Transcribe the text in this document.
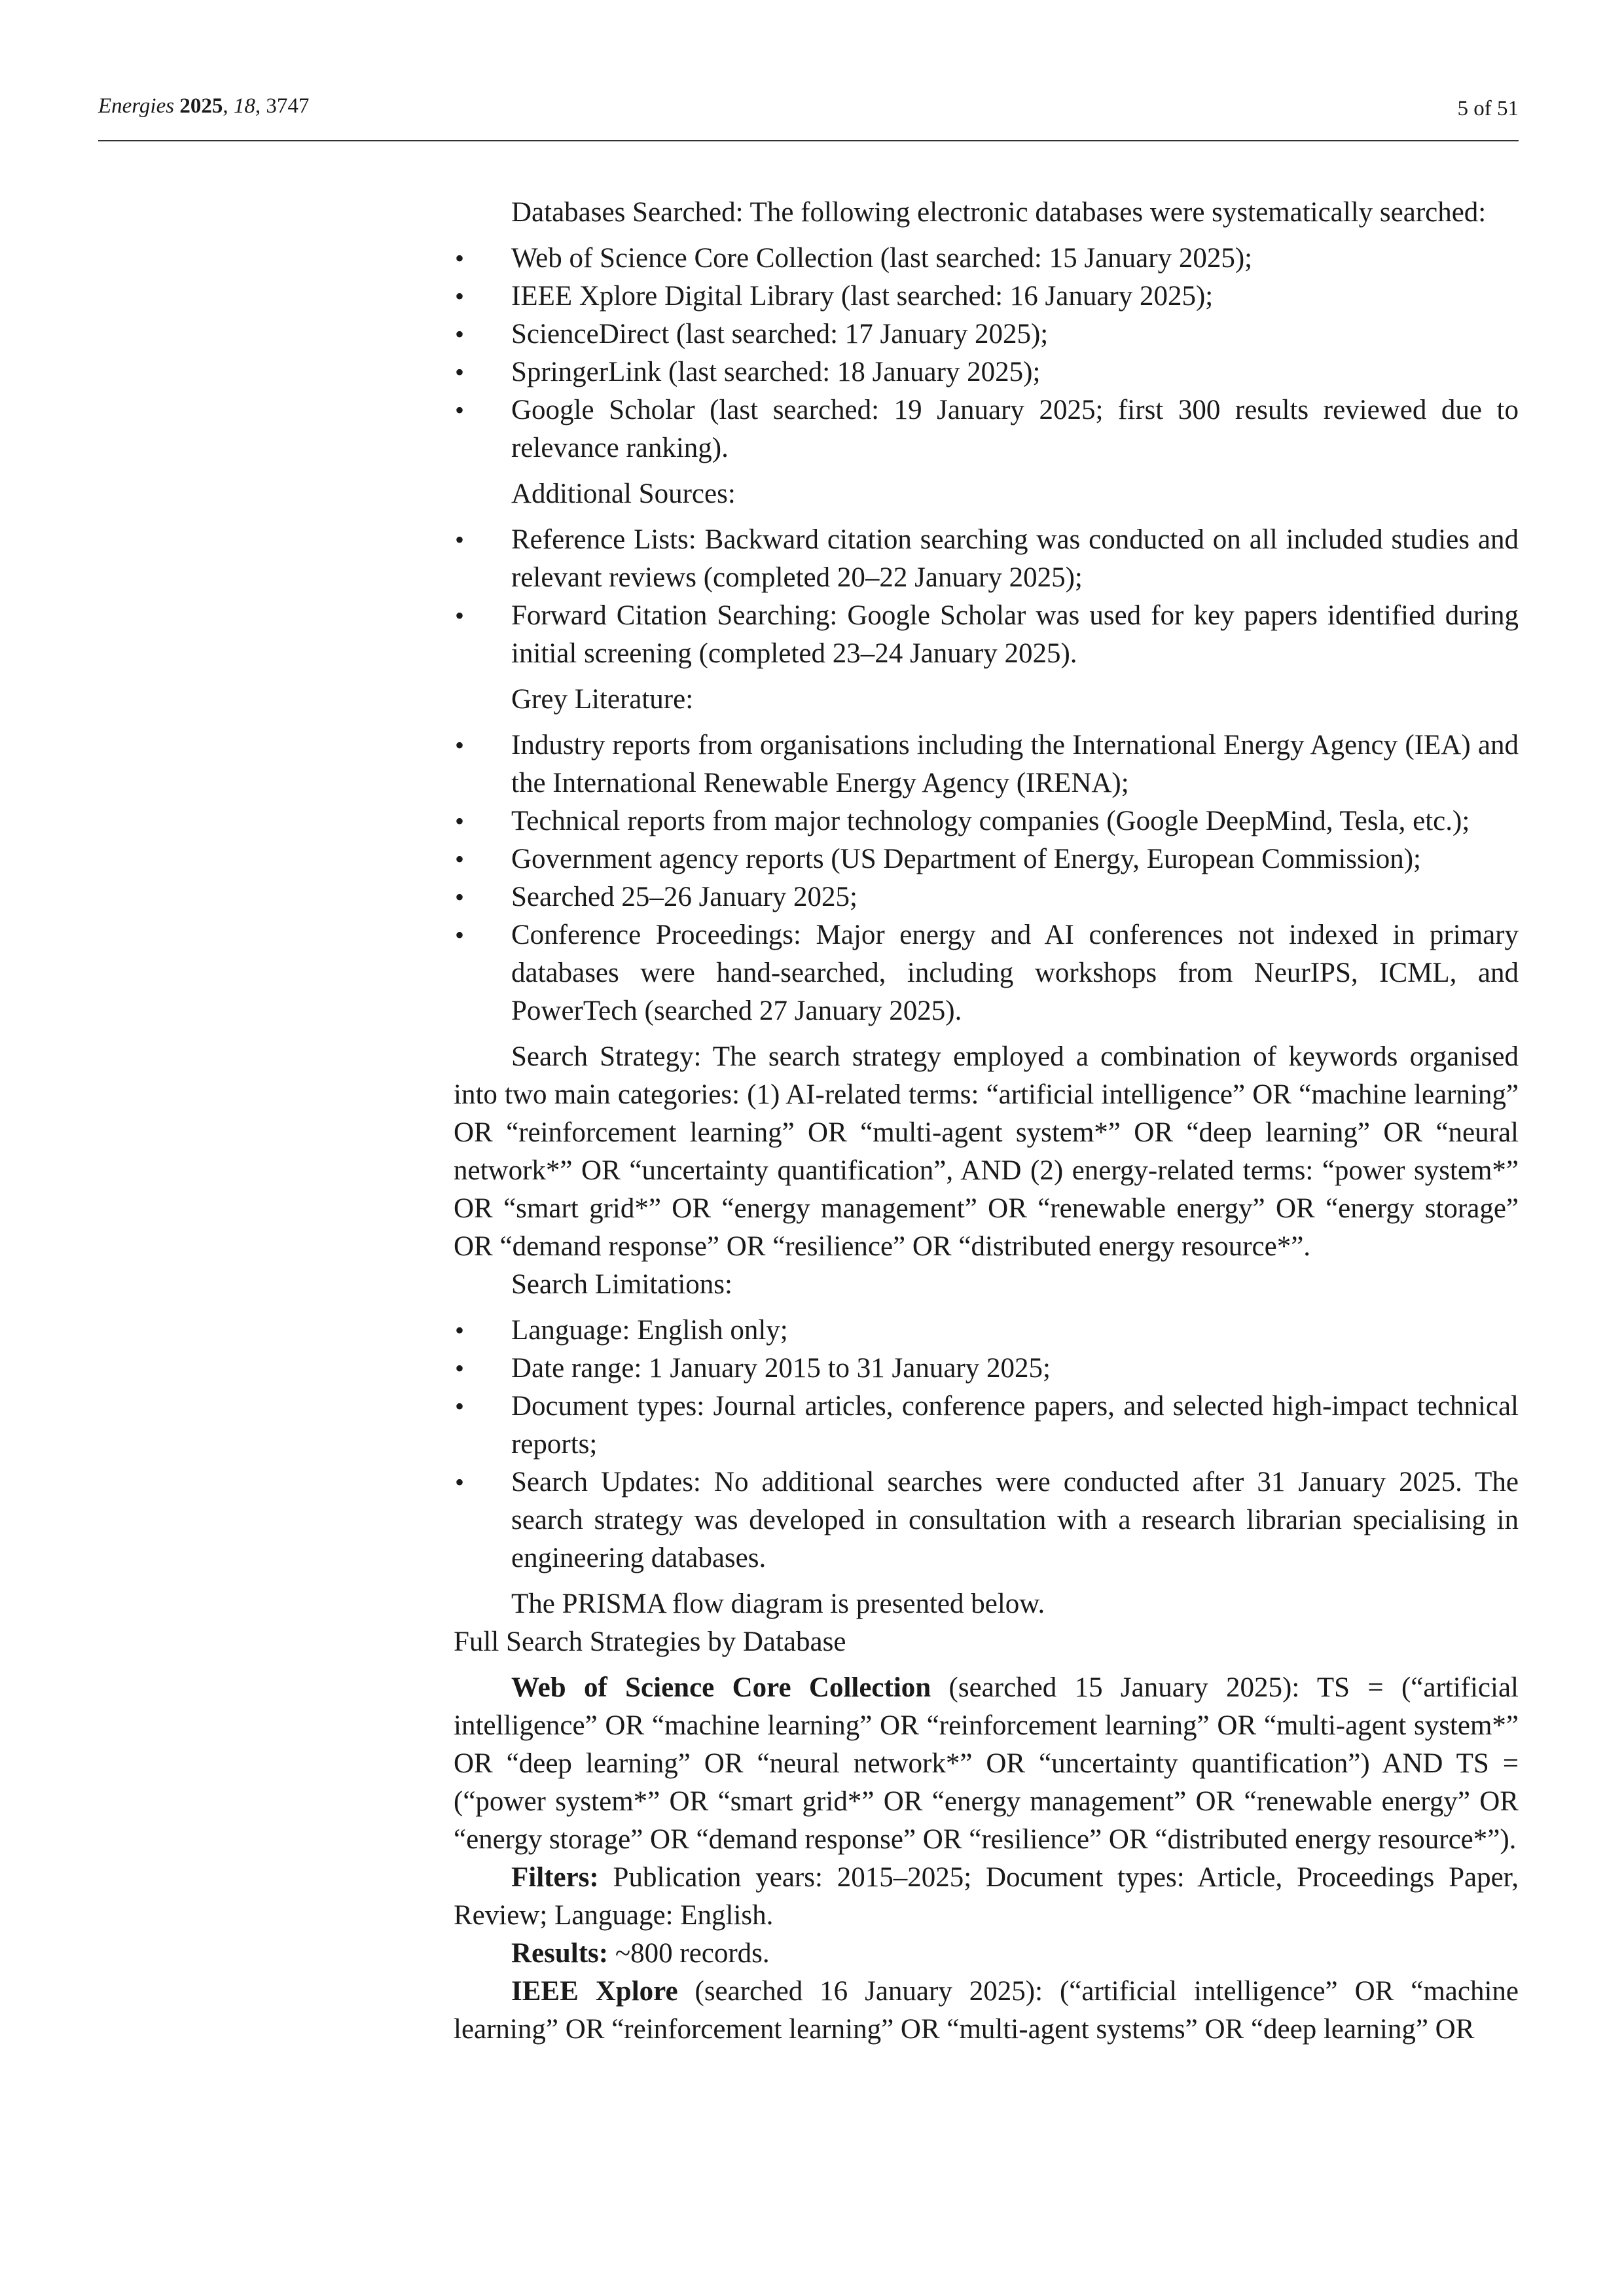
Energies 2025, 18, 3747	5 of 51

Databases Searched: The following electronic databases were systematically searched:

• Web of Science Core Collection (last searched: 15 January 2025);
• IEEE Xplore Digital Library (last searched: 16 January 2025);
• ScienceDirect (last searched: 17 January 2025);
• SpringerLink (last searched: 18 January 2025);
• Google Scholar (last searched: 19 January 2025; first 300 results reviewed due to relevance ranking).

Additional Sources:

• Reference Lists: Backward citation searching was conducted on all included studies and relevant reviews (completed 20–22 January 2025);
• Forward Citation Searching: Google Scholar was used for key papers identified during initial screening (completed 23–24 January 2025).

Grey Literature:

• Industry reports from organisations including the International Energy Agency (IEA) and the International Renewable Energy Agency (IRENA);
• Technical reports from major technology companies (Google DeepMind, Tesla, etc.);
• Government agency reports (US Department of Energy, European Commission);
• Searched 25–26 January 2025;
• Conference Proceedings: Major energy and AI conferences not indexed in primary databases were hand-searched, including workshops from NeurIPS, ICML, and PowerTech (searched 27 January 2025).

Search Strategy: The search strategy employed a combination of keywords organised into two main categories: (1) AI-related terms: “artificial intelligence” OR “machine learning” OR “reinforcement learning” OR “multi-agent system*” OR “deep learning” OR “neural network*” OR “uncertainty quantification”, AND (2) energy-related terms: “power system*” OR “smart grid*” OR “energy management” OR “renewable energy” OR “energy storage” OR “demand response” OR “resilience” OR “distributed energy resource*”.

Search Limitations:

• Language: English only;
• Date range: 1 January 2015 to 31 January 2025;
• Document types: Journal articles, conference papers, and selected high-impact technical reports;
• Search Updates: No additional searches were conducted after 31 January 2025. The search strategy was developed in consultation with a research librarian specialising in engineering databases.

The PRISMA flow diagram is presented below.

Full Search Strategies by Database

Web of Science Core Collection (searched 15 January 2025): TS = (“artificial intelligence” OR “machine learning” OR “reinforcement learning” OR “multi-agent system*” OR “deep learning” OR “neural network*” OR “uncertainty quantification”) AND TS = (“power system*” OR “smart grid*” OR “energy management” OR “renewable energy” OR “energy storage” OR “demand response” OR “resilience” OR “distributed energy resource*”).

Filters: Publication years: 2015–2025; Document types: Article, Proceedings Paper, Review; Language: English.

Results: ~800 records.

IEEE Xplore (searched 16 January 2025): (“artificial intelligence” OR “machine learning” OR “reinforcement learning” OR “multi-agent systems” OR “deep learning” OR
